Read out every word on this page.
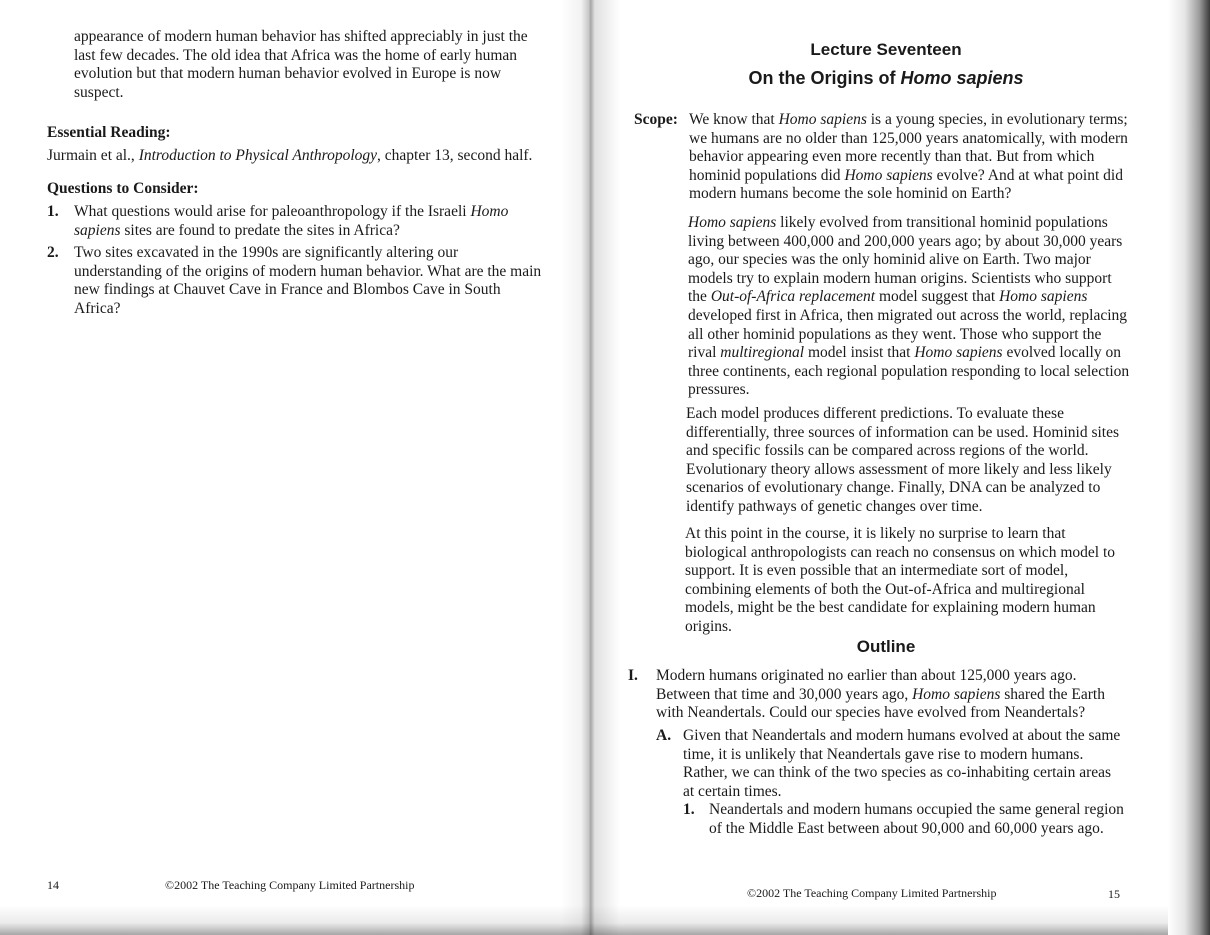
appearance of modern human behavior has shifted appreciably in just the last few decades. The old idea that Africa was the home of early human evolution but that modern human behavior evolved in Europe is now suspect.

Essential Reading:
Jurmain et al., Introduction to Physical Anthropology, chapter 13, second half.
Questions to Consider:
1. What questions would arise for paleoanthropology if the Israeli Homo sapiens sites are found to predate the sites in Africa?

2. Two sites excavated in the 1990s are significantly altering our understanding of the origins of modern human behavior. What are the main new findings at Chauvet Cave in France and Blombos Cave in South Africa?

14	©2002 The Teaching Company Limited Partnership
Lecture Seventeen
On the Origins of Homo sapiens
Scope: We know that Homo sapiens is a young species, in evolutionary terms; we humans are no older than 125,000 years anatomically, with modern behavior appearing even more recently than that. But from which hominid populations did Homo sapiens evolve? And at what point did modern humans become the sole hominid on Earth?

Homo sapiens likely evolved from transitional hominid populations living between 400,000 and 200,000 years ago; by about 30,000 years ago, our species was the only hominid alive on Earth. Two major models try to explain modern human origins. Scientists who support the Out-of-Africa replacement model suggest that Homo sapiens developed first in Africa, then migrated out across the world, replacing all other hominid populations as they went. Those who support the rival multiregional model insist that Homo sapiens evolved locally on three continents, each regional population responding to local selection pressures.

Each model produces different predictions. To evaluate these differentially, three sources of information can be used. Hominid sites and specific fossils can be compared across regions of the world. Evolutionary theory allows assessment of more likely and less likely scenarios of evolutionary change. Finally, DNA can be analyzed to identify pathways of genetic changes over time.

At this point in the course, it is likely no surprise to learn that biological anthropologists can reach no consensus on which model to support. It is even possible that an intermediate sort of model, combining elements of both the Out-of-Africa and multiregional models, might be the best candidate for explaining modern human origins.

Outline
I. Modern humans originated no earlier than about 125,000 years ago. Between that time and 30,000 years ago, Homo sapiens shared the Earth with Neandertals. Could our species have evolved from Neandertals?

A. Given that Neandertals and modern humans evolved at about the same time, it is unlikely that Neandertals gave rise to modern humans. Rather, we can think of the two species as co-inhabiting certain areas at certain times.

1. Neandertals and modern humans occupied the same general region of the Middle East between about 90,000 and 60,000 years ago.

©2002 The Teaching Company Limited Partnership	15
